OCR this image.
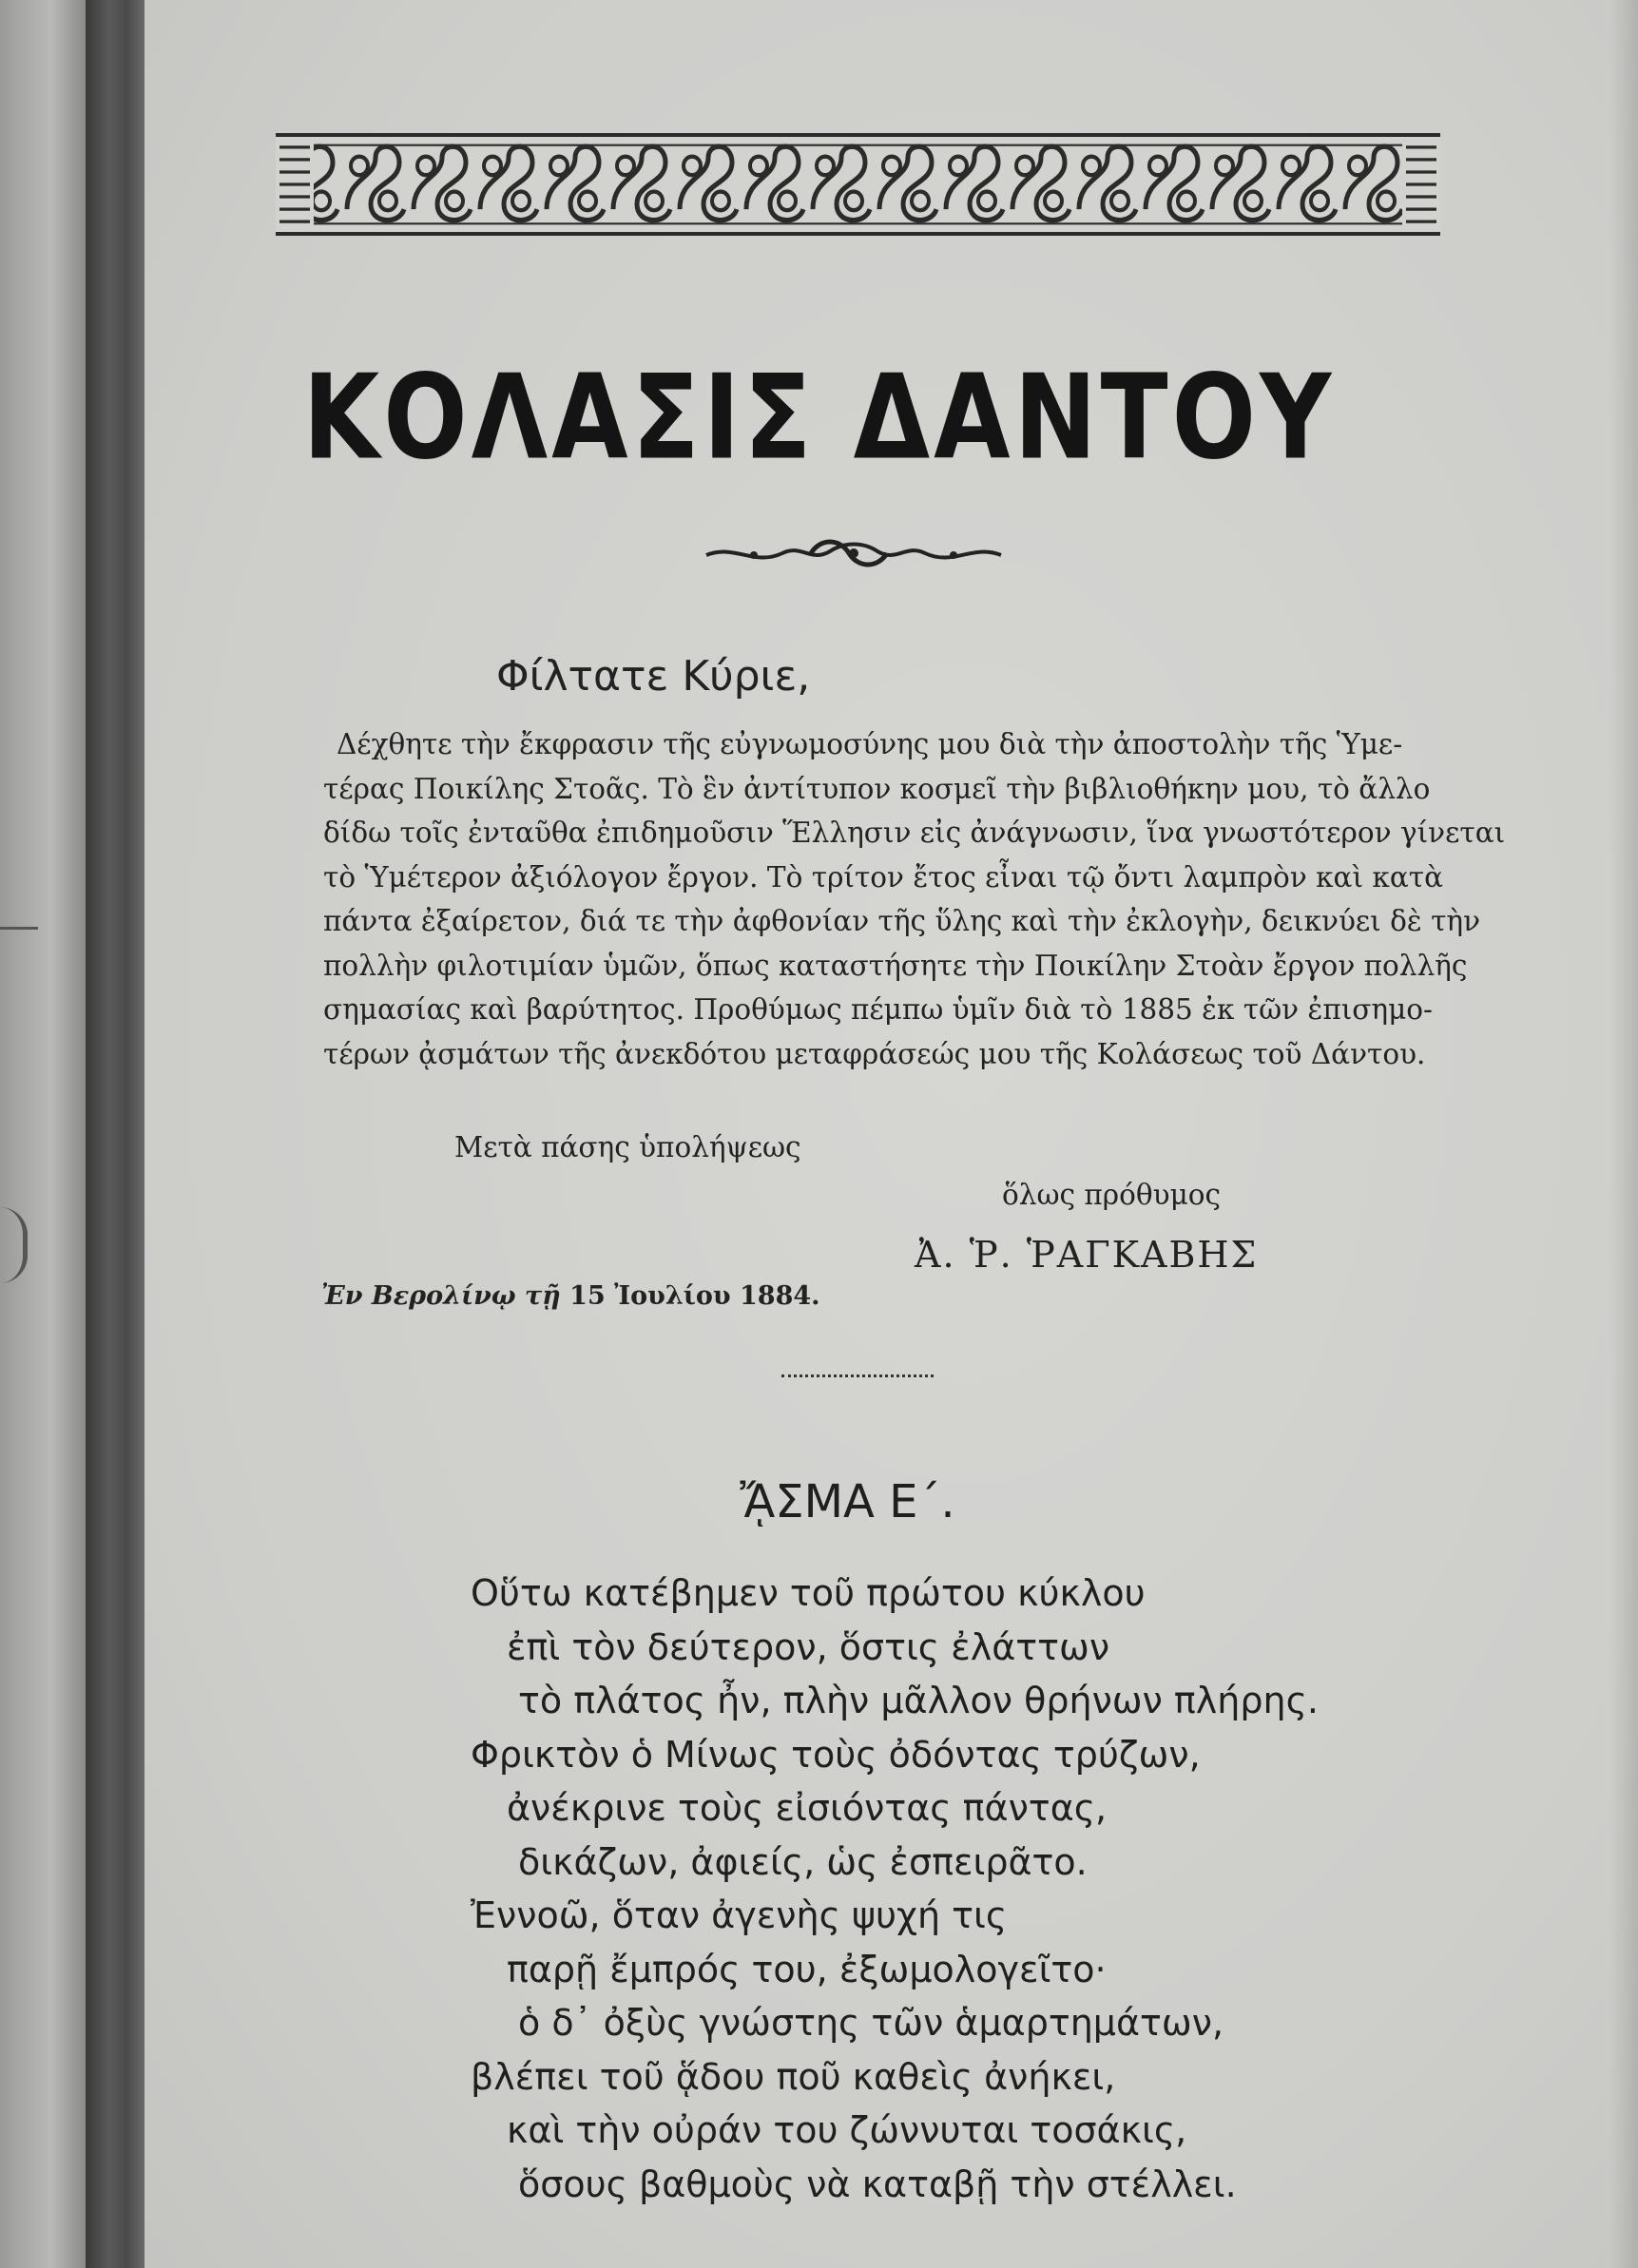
ΚΟΛΑΣΙΣ ΔΑΝΤΟΥ
Φίλτατε Κύριε,
Δέχθητε τὴν ἔκφρασιν τῆς εὐγνωμοσύνης μου διὰ τὴν ἀποστολὴν τῆς Ὑμε-
τέρας Ποικίλης Στοᾶς. Τὸ ἓν ἀντίτυπον κοσμεῖ τὴν βιβλιοθήκην μου, τὸ ἄλλο
δίδω τοῖς ἐνταῦθα ἐπιδημοῦσιν Ἕλλησιν εἰς ἀνάγνωσιν, ἵνα γνωστότερον γίνεται
τὸ Ὑμέτερον ἀξιόλογον ἔργον. Τὸ τρίτον ἔτος εἶναι τῷ ὄντι λαμπρὸν καὶ κατὰ
πάντα ἐξαίρετον, διά τε τὴν ἀφθονίαν τῆς ὕλης καὶ τὴν ἐκλογὴν, δεικνύει δὲ τὴν
πολλὴν φιλοτιμίαν ὑμῶν, ὅπως καταστήσητε τὴν Ποικίλην Στοὰν ἔργον πολλῆς
σημασίας καὶ βαρύτητος. Προθύμως πέμπω ὑμῖν διὰ τὸ 1885 ἐκ τῶν ἐπισημο-
τέρων ᾀσμάτων τῆς ἀνεκδότου μεταφράσεώς μου τῆς Κολάσεως τοῦ Δάντου.
Μετὰ πάσης ὑπολήψεως
ὅλως πρόθυμος
Ἀ. Ῥ. ῬΑΓΚΑΒΗΣ
Ἐν Βερολίνῳ τῇ 15 Ἰουλίου 1884.
ᾌΣΜΑ Ε΄.
Οὕτω κατέβημεν τοῦ πρώτου κύκλου
ἐπὶ τὸν δεύτερον, ὅστις ἐλάττων
τὸ πλάτος ἦν, πλὴν μᾶλλον θρήνων πλήρης.
Φρικτὸν ὁ Μίνως τοὺς ὀδόντας τρύζων,
ἀνέκρινε τοὺς εἰσιόντας πάντας,
δικάζων, ἀφιείς, ὡς ἐσπειρᾶτο.
Ἐννοῶ, ὅταν ἀγενὴς ψυχή τις
παρῇ ἔμπρός του, ἐξωμολογεῖτο·
ὁ δ᾽ ὀξὺς γνώστης τῶν ἁμαρτημάτων,
βλέπει τοῦ ᾅδου ποῦ καθεὶς ἀνήκει,
καὶ τὴν οὐράν του ζώννυται τοσάκις,
ὅσους βαθμοὺς νὰ καταβῇ τὴν στέλλει.
